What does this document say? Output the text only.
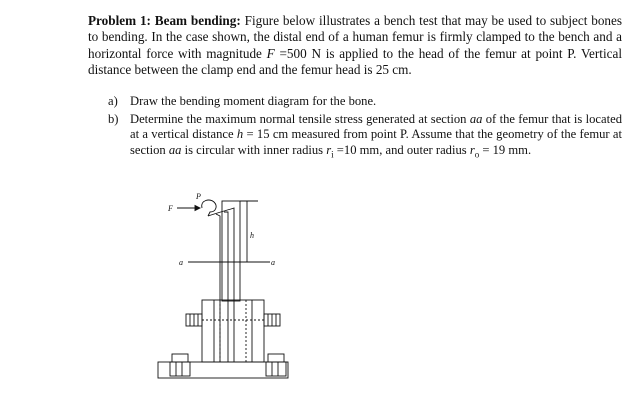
Problem 1: Beam bending: Figure below illustrates a bench test that may be used to subject bones to bending. In the case shown, the distal end of a human femur is firmly clamped to the bench and a horizontal force with magnitude F =500 N is applied to the head of the femur at point P. Vertical distance between the clamp end and the femur head is 25 cm.
a) Draw the bending moment diagram for the bone.
b) Determine the maximum normal tensile stress generated at section aa of the femur that is located at a vertical distance h = 15 cm measured from point P. Assume that the geometry of the femur at section aa is circular with inner radius $r_i =10$ mm, and outer radius $r_o = 19$ mm.
F
P
h
a	a
